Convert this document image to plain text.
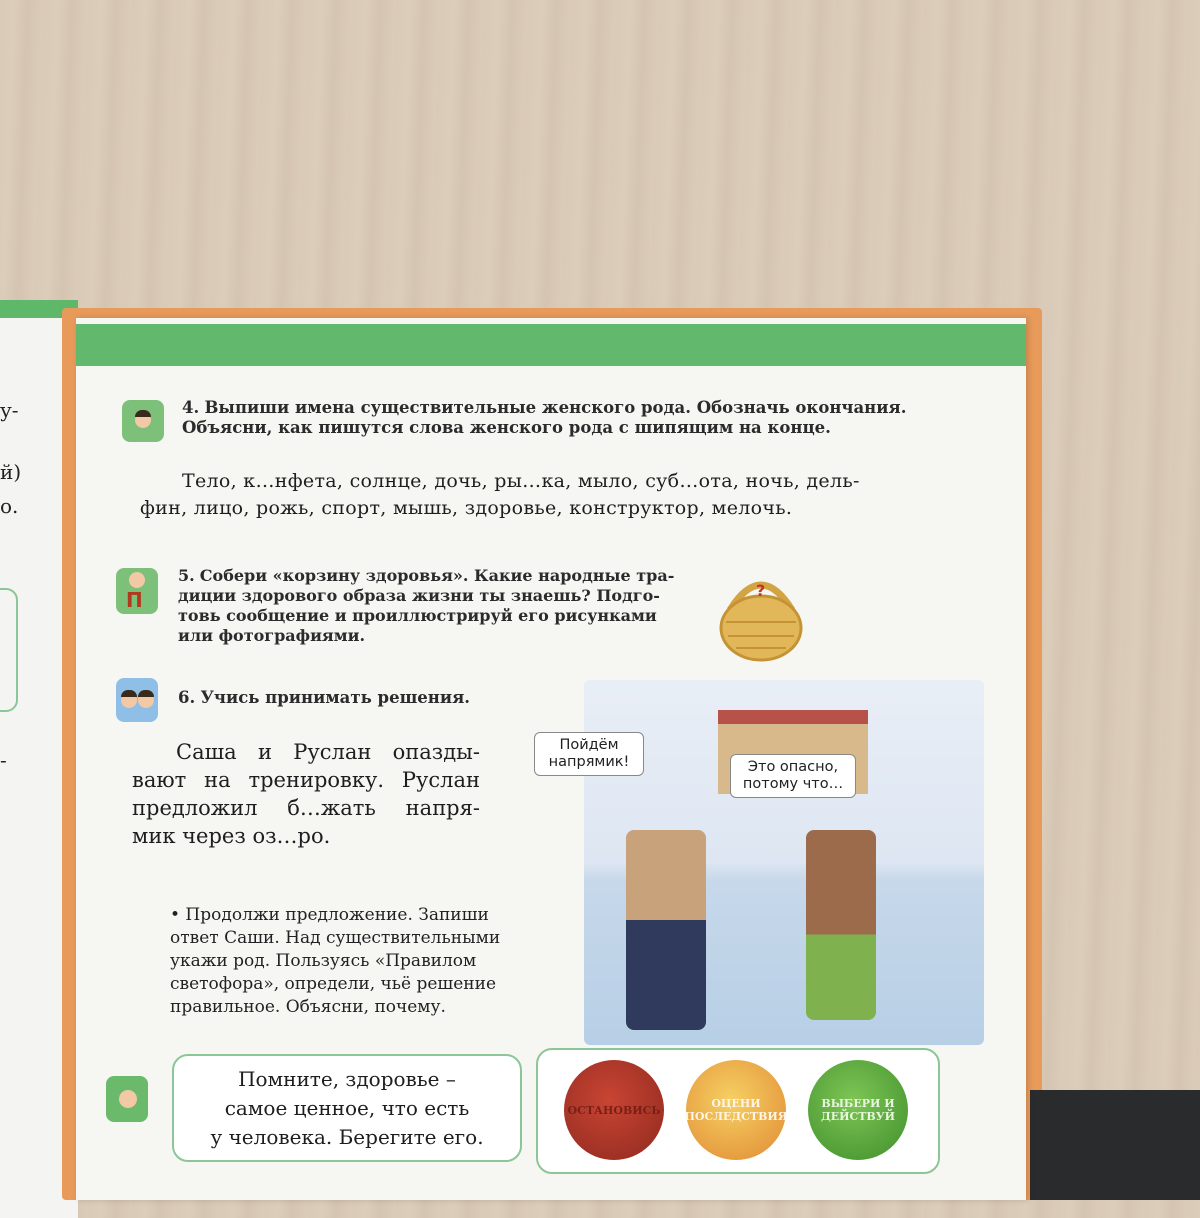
у-
й)
о.
-
4. Выпиши имена существительные женского рода. Обозначь окончания.
Объясни, как пишутся слова женского рода с шипящим на конце.
Тело, к…нфета, солнце, дочь, ры…ка, мыло, суб…ота, ночь, дель-
фин, лицо, рожь, спорт, мышь, здоровье, конструктор, мелочь.
П
5. Собери «корзину здоровья». Какие народные тра-
диции здорового образа жизни ты знаешь? Подго-
товь сообщение и проиллюстрируй его рисунками
или фотографиями.
?
6. Учись принимать решения.
Саша и Руслан опазды-
вают на тренировку. Руслан
предложил б…жать напря-
мик через оз…ро.
• Продолжи предложение. Запиши
ответ Саши. Над существительными
укажи род. Пользуясь «Правилом
светофора», определи, чьё решение
правильное. Объясни, почему.
Пойдём
напрямик!	Это опасно,
потому что…
Помните, здоровье –
самое ценное, что есть
у человека. Берегите его.
ОСТАНОВИСЬ	ОЦЕНИ ПОСЛЕДСТВИЯ
ВЫБЕРИ И ДЕЙСТВУЙ
